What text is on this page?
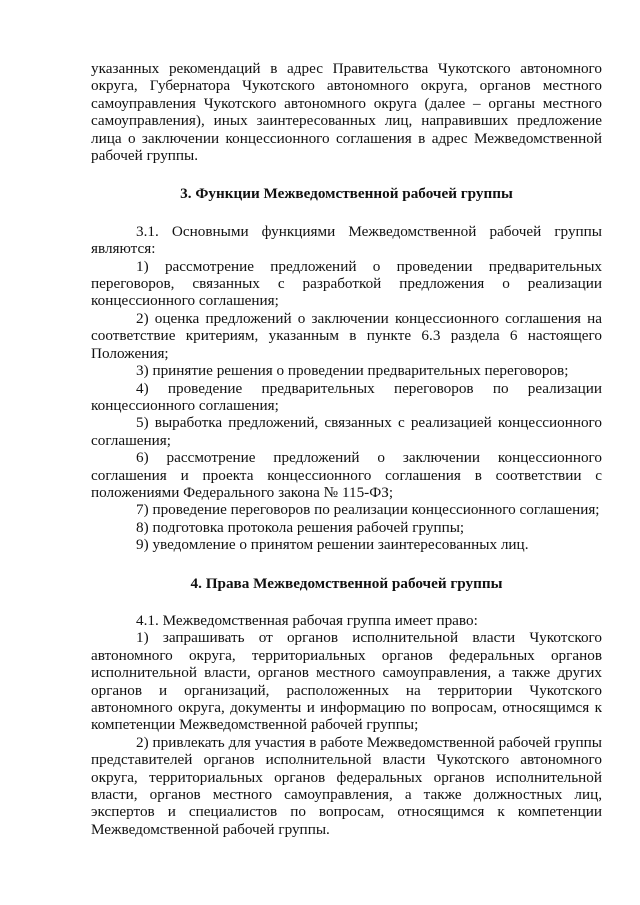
указанных рекомендаций в адрес Правительства Чукотского автономного округа, Губернатора Чукотского автономного округа, органов местного самоуправления Чукотского автономного округа (далее – органы местного самоуправления), иных заинтересованных лиц, направивших предложение лица о заключении концессионного соглашения в адрес Межведомственной рабочей группы.

3. Функции Межведомственной рабочей группы

3.1. Основными функциями Межведомственной рабочей группы являются:

1) рассмотрение предложений о проведении предварительных переговоров, связанных с разработкой предложения о реализации концессионного соглашения;

2) оценка предложений о заключении концессионного соглашения на соответствие критериям, указанным в пункте 6.3 раздела 6 настоящего Положения;

3) принятие решения о проведении предварительных переговоров;

4) проведение предварительных переговоров по реализации концессионного соглашения;

5) выработка предложений, связанных с реализацией концессионного соглашения;

6) рассмотрение предложений о заключении концессионного соглашения и проекта концессионного соглашения в соответствии с положениями Федерального закона № 115-ФЗ;

7) проведение переговоров по реализации концессионного соглашения;

8) подготовка протокола решения рабочей группы;

9) уведомление о принятом решении заинтересованных лиц.

4. Права Межведомственной рабочей группы

4.1. Межведомственная рабочая группа имеет право:

1) запрашивать от органов исполнительной власти Чукотского автономного округа, территориальных органов федеральных органов исполнительной власти, органов местного самоуправления, а также других органов и организаций, расположенных на территории Чукотского автономного округа, документы и информацию по вопросам, относящимся к компетенции Межведомственной рабочей группы;

2) привлекать для участия в работе Межведомственной рабочей группы представителей органов исполнительной власти Чукотского автономного округа, территориальных органов федеральных органов исполнительной власти, органов местного самоуправления, а также должностных лиц, экспертов и специалистов по вопросам, относящимся к компетенции Межведомственной рабочей группы.
